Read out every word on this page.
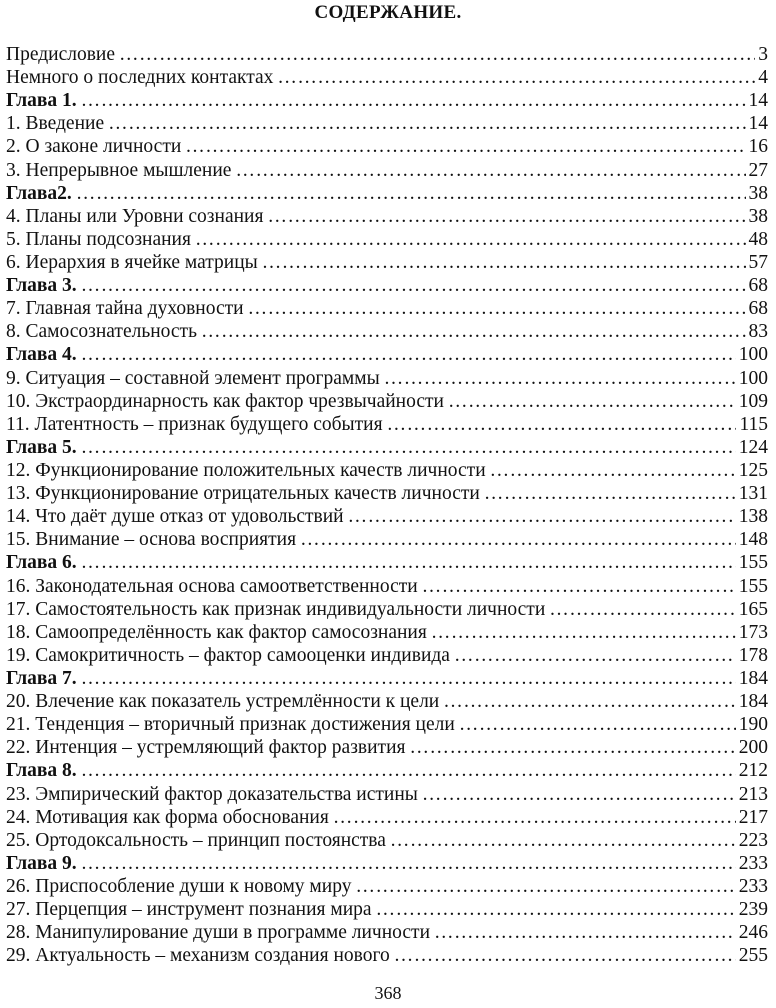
СОДЕРЖАНИЕ.
Предисловие …………………………………………………………………………………………………………………………………………………………………………………………………………………………………………	3
Немного о последних контактах …………………………………………………………………………………………………………………………………………………………………………………………………………………………………………	4
Глава 1. …………………………………………………………………………………………………………………………………………………………………………………………………………………………………………	14
1. Введение …………………………………………………………………………………………………………………………………………………………………………………………………………………………………………	14
2. О законе личности …………………………………………………………………………………………………………………………………………………………………………………………………………………………………………	16
3. Непрерывное мышление …………………………………………………………………………………………………………………………………………………………………………………………………………………………………………	27
Глава2. …………………………………………………………………………………………………………………………………………………………………………………………………………………………………………	38
4. Планы или Уровни сознания …………………………………………………………………………………………………………………………………………………………………………………………………………………………………………	38
5. Планы подсознания …………………………………………………………………………………………………………………………………………………………………………………………………………………………………………	48
6. Иерархия в ячейке матрицы …………………………………………………………………………………………………………………………………………………………………………………………………………………………………………	57
Глава 3. …………………………………………………………………………………………………………………………………………………………………………………………………………………………………………	68
7. Главная тайна духовности …………………………………………………………………………………………………………………………………………………………………………………………………………………………………………	68
8. Самосознательность …………………………………………………………………………………………………………………………………………………………………………………………………………………………………………	83
Глава 4. …………………………………………………………………………………………………………………………………………………………………………………………………………………………………………	100
9. Ситуация – составной элемент программы …………………………………………………………………………………………………………………………………………………………………………………………………………………………………………	100
10. Экстраординарность как фактор чрезвычайности …………………………………………………………………………………………………………………………………………………………………………………………………………………………………………	109
11. Латентность – признак будущего события …………………………………………………………………………………………………………………………………………………………………………………………………………………………………………	115
Глава 5. …………………………………………………………………………………………………………………………………………………………………………………………………………………………………………	124
12. Функционирование положительных качеств личности …………………………………………………………………………………………………………………………………………………………………………………………………………………………………………	125
13. Функционирование отрицательных качеств личности …………………………………………………………………………………………………………………………………………………………………………………………………………………………………………	131
14. Что даёт душе отказ от удовольствий …………………………………………………………………………………………………………………………………………………………………………………………………………………………………………	138
15. Внимание – основа восприятия …………………………………………………………………………………………………………………………………………………………………………………………………………………………………………	148
Глава 6. …………………………………………………………………………………………………………………………………………………………………………………………………………………………………………	155
16. Законодательная основа самоответственности …………………………………………………………………………………………………………………………………………………………………………………………………………………………………………	155
17. Самостоятельность как признак индивидуальности личности …………………………………………………………………………………………………………………………………………………………………………………………………………………………………………	165
18. Самоопределённость как фактор самосознания …………………………………………………………………………………………………………………………………………………………………………………………………………………………………………	173
19. Самокритичность – фактор самооценки индивида …………………………………………………………………………………………………………………………………………………………………………………………………………………………………………	178
Глава 7. …………………………………………………………………………………………………………………………………………………………………………………………………………………………………………	184
20. Влечение как показатель устремлённости к цели …………………………………………………………………………………………………………………………………………………………………………………………………………………………………………	184
21. Тенденция – вторичный признак достижения цели …………………………………………………………………………………………………………………………………………………………………………………………………………………………………………	190
22. Интенция – устремляющий фактор развития …………………………………………………………………………………………………………………………………………………………………………………………………………………………………………	200
Глава 8. …………………………………………………………………………………………………………………………………………………………………………………………………………………………………………	212
23. Эмпирический фактор доказательства истины …………………………………………………………………………………………………………………………………………………………………………………………………………………………………………	213
24. Мотивация как форма обоснования …………………………………………………………………………………………………………………………………………………………………………………………………………………………………………	217
25. Ортодоксальность – принцип постоянства …………………………………………………………………………………………………………………………………………………………………………………………………………………………………………	223
Глава 9. …………………………………………………………………………………………………………………………………………………………………………………………………………………………………………	233
26. Приспособление души к новому миру …………………………………………………………………………………………………………………………………………………………………………………………………………………………………………	233
27. Перцепция – инструмент познания мира …………………………………………………………………………………………………………………………………………………………………………………………………………………………………………	239
28. Манипулирование души в программе личности …………………………………………………………………………………………………………………………………………………………………………………………………………………………………………	246
29. Актуальность – механизм создания нового …………………………………………………………………………………………………………………………………………………………………………………………………………………………………………	255
368
